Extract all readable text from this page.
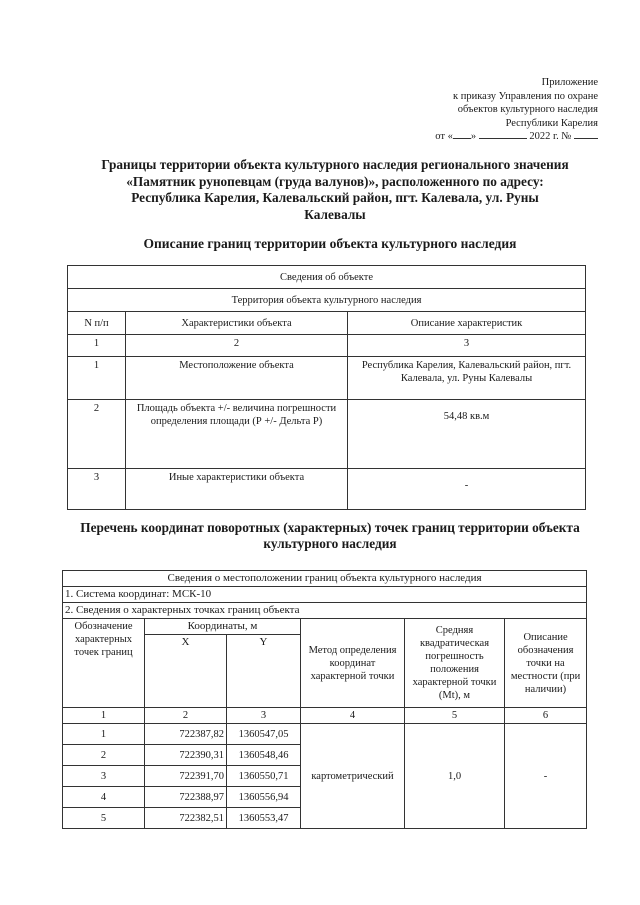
Приложение
к приказу Управления по охране
объектов культурного наследия
Республики Карелия
от « »	2022 г. №
Границы территории объекта культурного наследия регионального значения «Памятник рунопевцам (груда валунов)», расположенного по адресу: Республика Карелия, Калевальский район, пгт. Калевала, ул. Руны Калевалы
Описание границ территории объекта культурного наследия
Сведения об объекте		
Территория объекта культурного наследия		
N п/п	Характеристики объекта	Описание характеристик
1	2	3
1	Местоположение объекта	Республика Карелия, Калевальский район, пгт. Калевала, ул. Руны Калевалы
2	Площадь объекта +/- величина погрешности определения площади (Р +/- Дельта Р)	54,48 кв.м
3	Иные характеристики объекта	-
Перечень координат поворотных (характерных) точек границ территории объекта культурного наследия
Сведения о местоположении границ объекта культурного наследия					
1. Система координат: МСК-10					
2. Сведения о характерных точках границ объекта					
Обозначение характерных точек границ	Координаты, м		Метод определения координат характерной точки	Средняя квадратическая погрешность положения характерной точки (Mt), м	Описание обозначения точки на местности (при наличии)
	X	Y			
1	2	3	4	5	6
1	722387,82	1360547,05	картометрический	1,0	-
2	722390,31	1360548,46			
3	722391,70	1360550,71			
4	722388,97	1360556,94			
5	722382,51	1360553,47			
